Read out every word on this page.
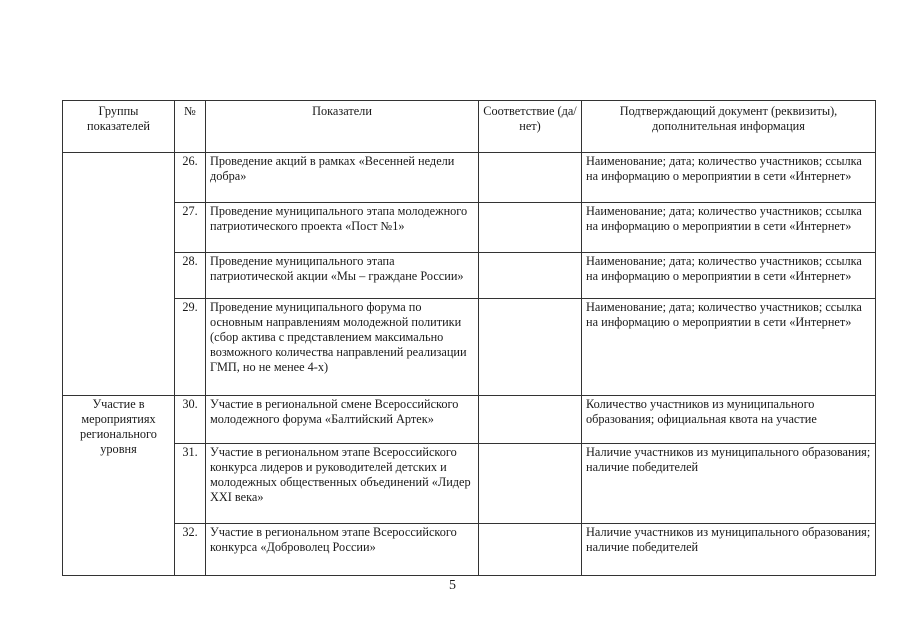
Группы показателей	№	Показатели	Соответствие (да/ нет)	Подтверждающий документ (реквизиты), дополнительная информация
	26.	Проведение акций в рамках «Весенней недели добра»		Наименование; дата; количество участников; ссылка на информацию о мероприятии в сети «Интернет»
	27.	Проведение муниципального этапа молодежного патриотического проекта «Пост №1»		Наименование; дата; количество участников; ссылка на информацию о мероприятии в сети «Интернет»
	28.	Проведение муниципального этапа патриотической акции «Мы – граждане России»		Наименование; дата; количество участников; ссылка на информацию о мероприятии в сети «Интернет»
	29.	Проведение муниципального форума по основным направлениям молодежной политики (сбор актива с представлением максимально возможного количества направлений реализации ГМП, но не менее 4-х)		Наименование; дата; количество участников; ссылка на информацию о мероприятии в сети «Интернет»
Участие в мероприятиях регионального уровня	30.	Участие в региональной смене Всероссийского молодежного форума «Балтийский Артек»		Количество участников из муниципального образования; официальная квота на участие
	31.	Участие в региональном этапе Всероссийского конкурса лидеров и руководителей детских и молодежных общественных объединений «Лидер XXI века»		Наличие участников из муниципального образования; наличие победителей
	32.	Участие в региональном этапе Всероссийского конкурса «Доброволец России»		Наличие участников из муниципального образования; наличие победителей
5
